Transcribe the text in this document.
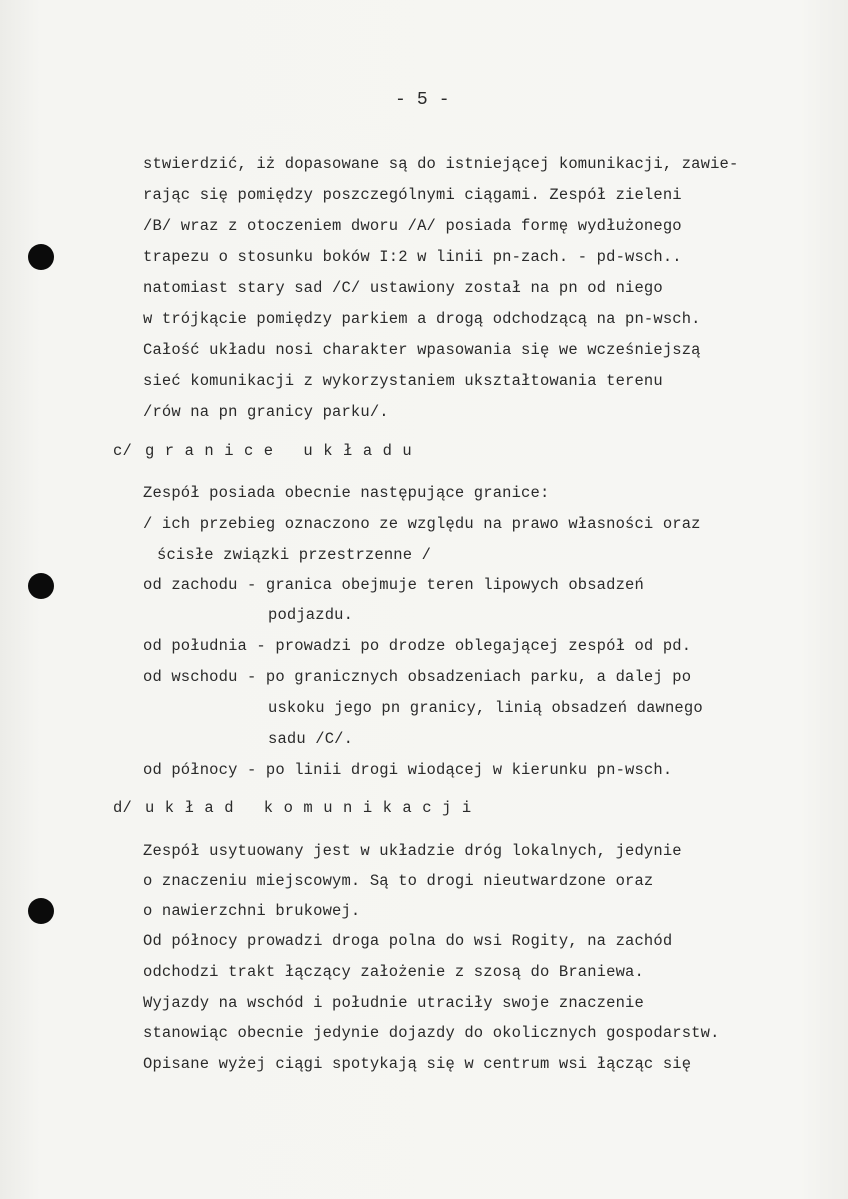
- 5 -
stwierdzić, iż dopasowane są do istniejącej komunikacji, zawie-
rając się pomiędzy poszczególnymi ciągami. Zespół zieleni
/B/ wraz z otoczeniem dworu /A/ posiada formę wydłużonego
trapezu o stosunku boków I:2 w linii pn-zach. - pd-wsch..
natomiast stary sad /C/ ustawiony został na pn od niego
w trójkącie pomiędzy parkiem a drogą odchodzącą na pn-wsch.
Całość układu nosi charakter wpasowania się we wcześniejszą
sieć komunikacji z wykorzystaniem ukształtowania terenu
/rów na pn granicy parku/.
c/ granice układu
Zespół posiada obecnie następujące granice:
/ ich przebieg oznaczono ze względu na prawo własności oraz
ścisłe związki przestrzenne /
od zachodu - granica obejmuje teren lipowych obsadzeń
podjazdu.
od południa - prowadzi po drodze oblegającej zespół od pd.
od wschodu - po granicznych obsadzeniach parku, a dalej po
uskoku jego pn granicy, linią obsadzeń dawnego
sadu /C/.
od północy - po linii drogi wiodącej w kierunku pn-wsch.
d/ układ komunikacji
Zespół usytuowany jest w układzie dróg lokalnych, jedynie
o znaczeniu miejscowym. Są to drogi nieutwardzone oraz
o nawierzchni brukowej.
Od północy prowadzi droga polna do wsi Rogity, na zachód
odchodzi trakt łączący założenie z szosą do Braniewa.
Wyjazdy na wschód i południe utraciły swoje znaczenie
stanowiąc obecnie jedynie dojazdy do okolicznych gospodarstw.
Opisane wyżej ciągi spotykają się w centrum wsi łącząc się
